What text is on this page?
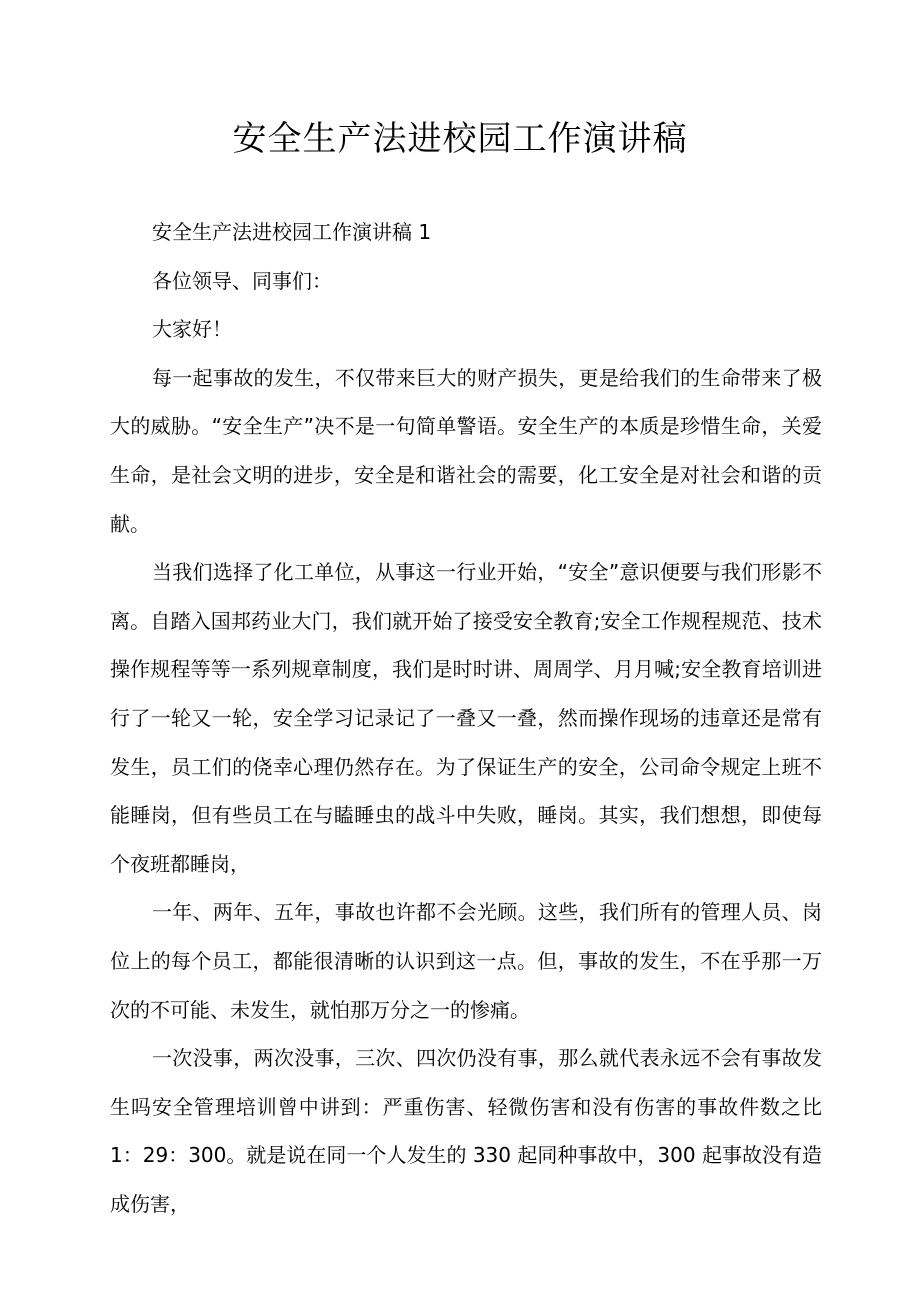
安全生产法进校园工作演讲稿

安全生产法进校园工作演讲稿 1

各位领导、同事们：

大家好！

每一起事故的发生，不仅带来巨大的财产损失，更是给我们的生命带来了极大的威胁。“安全生产”决不是一句简单警语。安全生产的本质是珍惜生命，关爱生命，是社会文明的进步，安全是和谐社会的需要，化工安全是对社会和谐的贡献。

当我们选择了化工单位，从事这一行业开始，“安全”意识便要与我们形影不离。自踏入国邦药业大门，我们就开始了接受安全教育;安全工作规程规范、技术操作规程等等一系列规章制度，我们是时时讲、周周学、月月喊;安全教育培训进行了一轮又一轮，安全学习记录记了一叠又一叠，然而操作现场的违章还是常有发生，员工们的侥幸心理仍然存在。为了保证生产的安全，公司命令规定上班不能睡岗，但有些员工在与瞌睡虫的战斗中失败，睡岗。其实，我们想想，即使每个夜班都睡岗，

一年、两年、五年，事故也许都不会光顾。这些，我们所有的管理人员、岗位上的每个员工，都能很清晰的认识到这一点。但，事故的发生，不在乎那一万次的不可能、未发生，就怕那万分之一的惨痛。

一次没事，两次没事，三次、四次仍没有事，那么就代表永远不会有事故发生吗安全管理培训曾中讲到：严重伤害、轻微伤害和没有伤害的事故件数之比 1：29：300。就是说在同一个人发生的 330 起同种事故中，300 起事故没有造成伤害，
